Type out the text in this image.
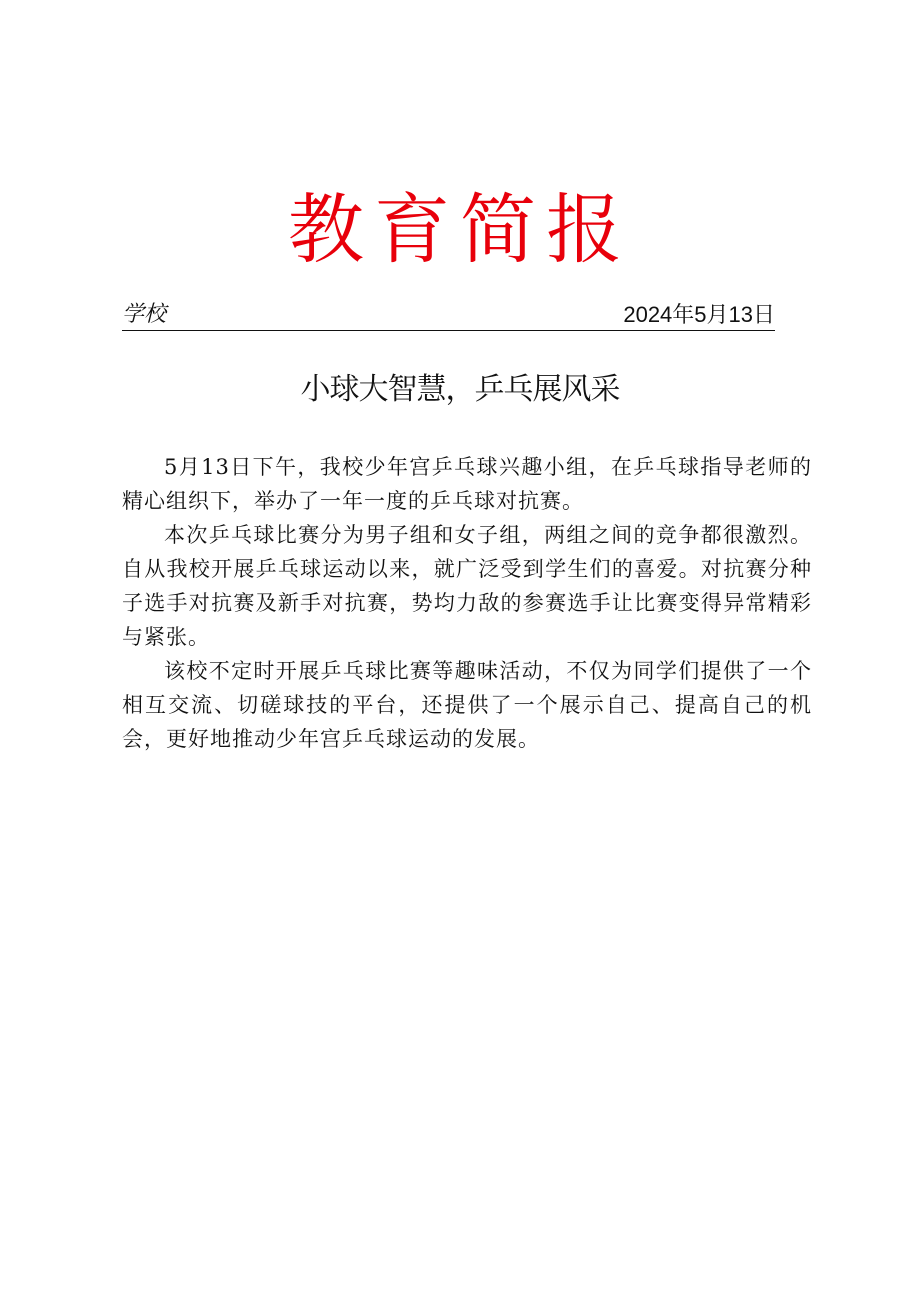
教育简报
学校	2024年5月13日
小球大智慧，乒乓展风采

5月13日下午，我校少年宫乒乓球兴趣小组，在乒乓球指导老师的精心组织下，举办了一年一度的乒乓球对抗赛。

本次乒乓球比赛分为男子组和女子组，两组之间的竞争都很激烈。自从我校开展乒乓球运动以来，就广泛受到学生们的喜爱。对抗赛分种子选手对抗赛及新手对抗赛，势均力敌的参赛选手让比赛变得异常精彩与紧张。

该校不定时开展乒乓球比赛等趣味活动，不仅为同学们提供了一个相互交流、切磋球技的平台，还提供了一个展示自己、提高自己的机会，更好地推动少年宫乒乓球运动的发展。
